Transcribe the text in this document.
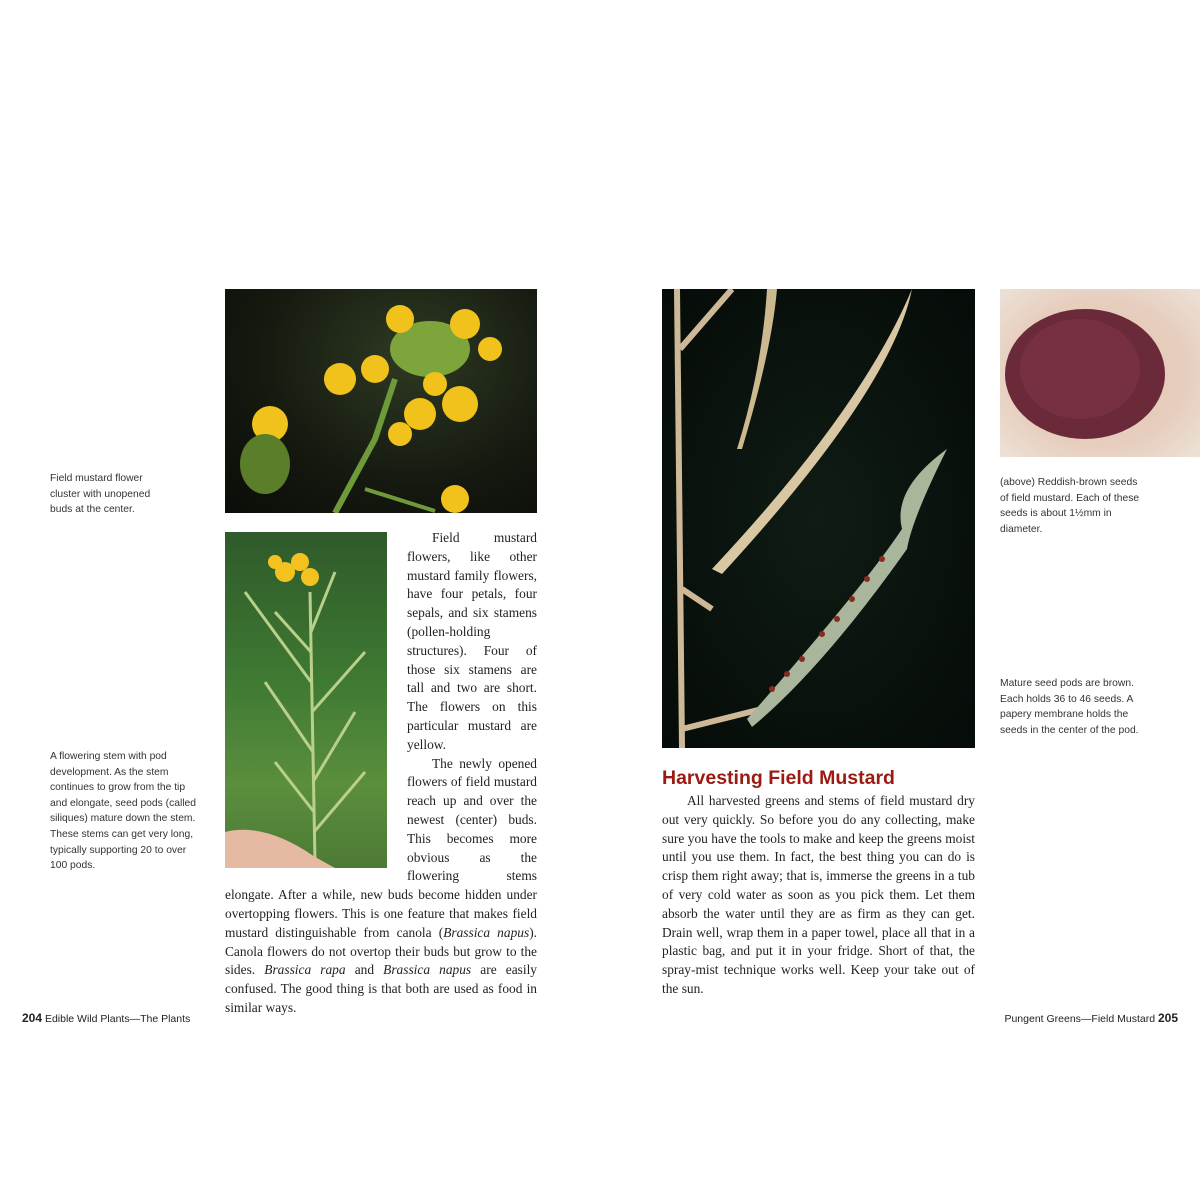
Field mustard flower cluster with unopened buds at the center.
A flowering stem with pod development. As the stem continues to grow from the tip and elongate, seed pods (called siliques) mature down the stem. These stems can get very long, typically supporting 20 to over 100 pods.

Field mustard flowers, like other mustard family flowers, have four petals, four sepals, and six stamens (pollen-holding structures). Four of those six stamens are tall and two are short. The flowers on this particular mustard are yellow.

The newly opened flowers of field mustard reach up and over the newest (center) buds. This becomes more obvious as the flowering stems elongate. After a while, new buds become hidden under overtopping flowers. This is one feature that makes field mustard distinguishable from canola (Brassica napus). Canola flowers do not overtop their buds but grow to the sides. Brassica rapa and Brassica napus are easily confused. The good thing is that both are used as food in similar ways.

204 Edible Wild Plants—The Plants
(above) Reddish-brown seeds of field mustard. Each of these seeds is about 1½mm in diameter.
Mature seed pods are brown. Each holds 36 to 46 seeds. A papery membrane holds the seeds in the center of the pod.
Harvesting Field Mustard

All harvested greens and stems of field mustard dry out very quickly. So before you do any collecting, make sure you have the tools to make and keep the greens moist until you use them. In fact, the best thing you can do is crisp them right away; that is, immerse the greens in a tub of very cold water as soon as you pick them. Let them absorb the water until they are as firm as they can get. Drain well, wrap them in a paper towel, place all that in a plastic bag, and put it in your fridge. Short of that, the spray-mist technique works well. Keep your take out of the sun.

Pungent Greens—Field Mustard 205
